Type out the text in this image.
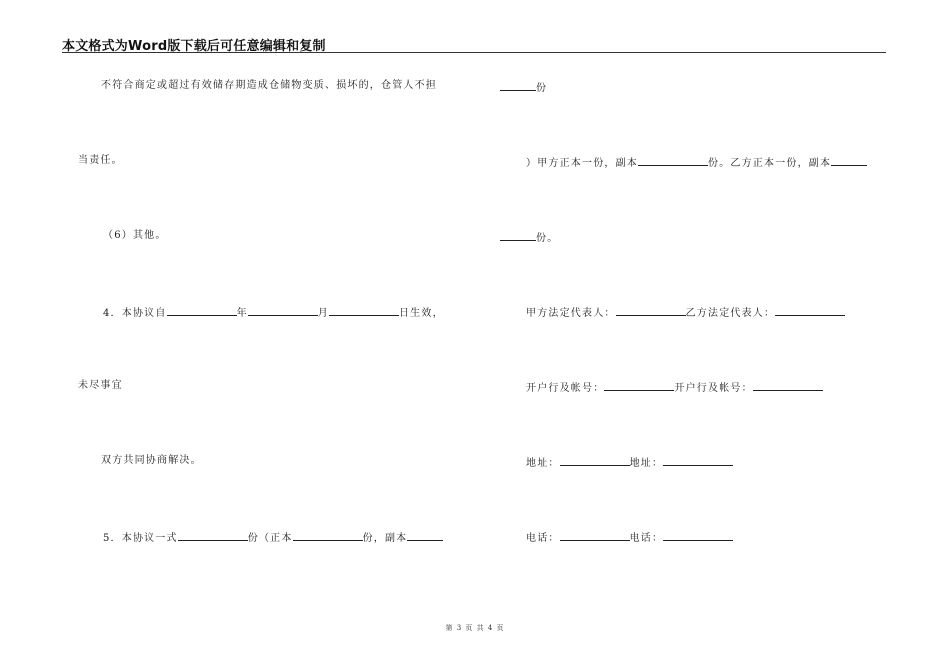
本文格式为Word版下载后可任意编辑和复制
不符合商定或超过有效储存期造成仓储物变质、损坏的，仓管人不担
当责任。
（6）其他。
4．本协议自	年	月	日生效，
未尽事宜
双方共同协商解决。
5．本协议一式	份（正本	份，副本
份
）甲方正本一份，副本	份。乙方正本一份，副本
份。
甲方法定代表人：	乙方法定代表人：
开户行及帐号：	开户行及帐号：
地址：	地址：
电话：	电话：
第 3 页 共 4 页
